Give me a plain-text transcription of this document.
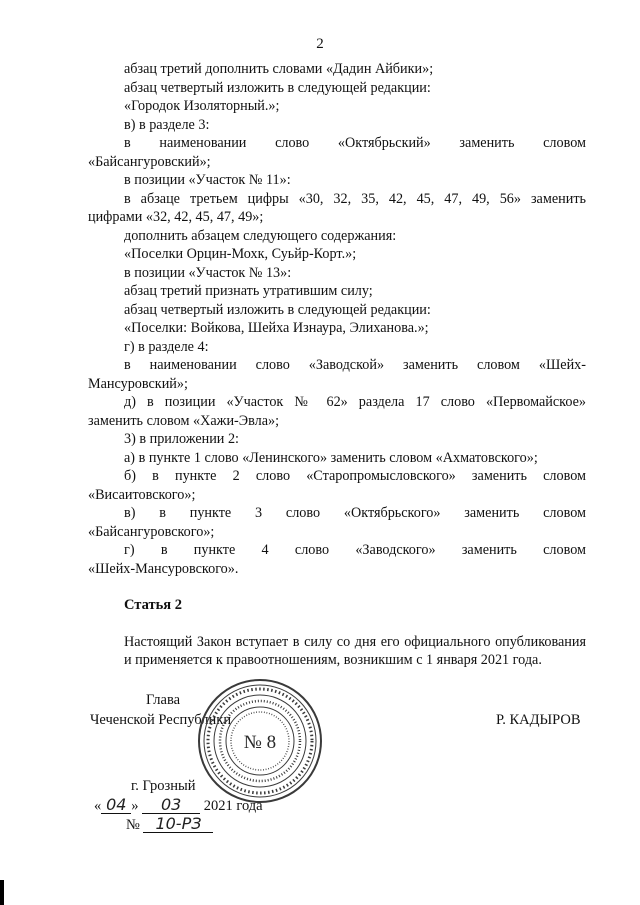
2

абзац третий дополнить словами «Дадин Айбики»;

абзац четвертый изложить в следующей редакции:

«Городок Изоляторный.»;

в) в разделе 3:

в наименовании слово «Октябрьский» заменить словом

«Байсангуровский»;

в позиции «Участок № 11»:

в абзаце третьем цифры «30, 32, 35, 42, 45, 47, 49, 56» заменить

цифрами «32, 42, 45, 47, 49»;

дополнить абзацем следующего содержания:

«Поселки Орцин-Мохк, Суьйр-Корт.»;

в позиции «Участок № 13»:

абзац третий признать утратившим силу;

абзац четвертый изложить в следующей редакции:

«Поселки: Войкова, Шейха Изнаура, Элиханова.»;

г) в разделе 4:

в наименовании слово «Заводской» заменить словом «Шейх-

Мансуровский»;

д) в позиции «Участок № 62» раздела 17 слово «Первомайское»

заменить словом «Хажи-Эвла»;

3) в приложении 2:

а) в пункте 1 слово «Ленинского» заменить словом «Ахматовского»;

б) в пункте 2 слово «Старопромысловского» заменить словом

«Висаитовского»;

в) в пункте 3 слово «Октябрьского» заменить словом

«Байсангуровского»;

г) в пункте 4 слово «Заводского» заменить словом

«Шейх-Мансуровского».

Статья 2

Настоящий Закон вступает в силу со дня его официального опубликования и применяется к правоотношениям, возникшим с 1 января 2021 года.

Глава
Чеченской Республики	Р. КАДЫРОВ
№ 8
г. Грозный
« 04 » 03 2021 года
№ 10-РЗ
